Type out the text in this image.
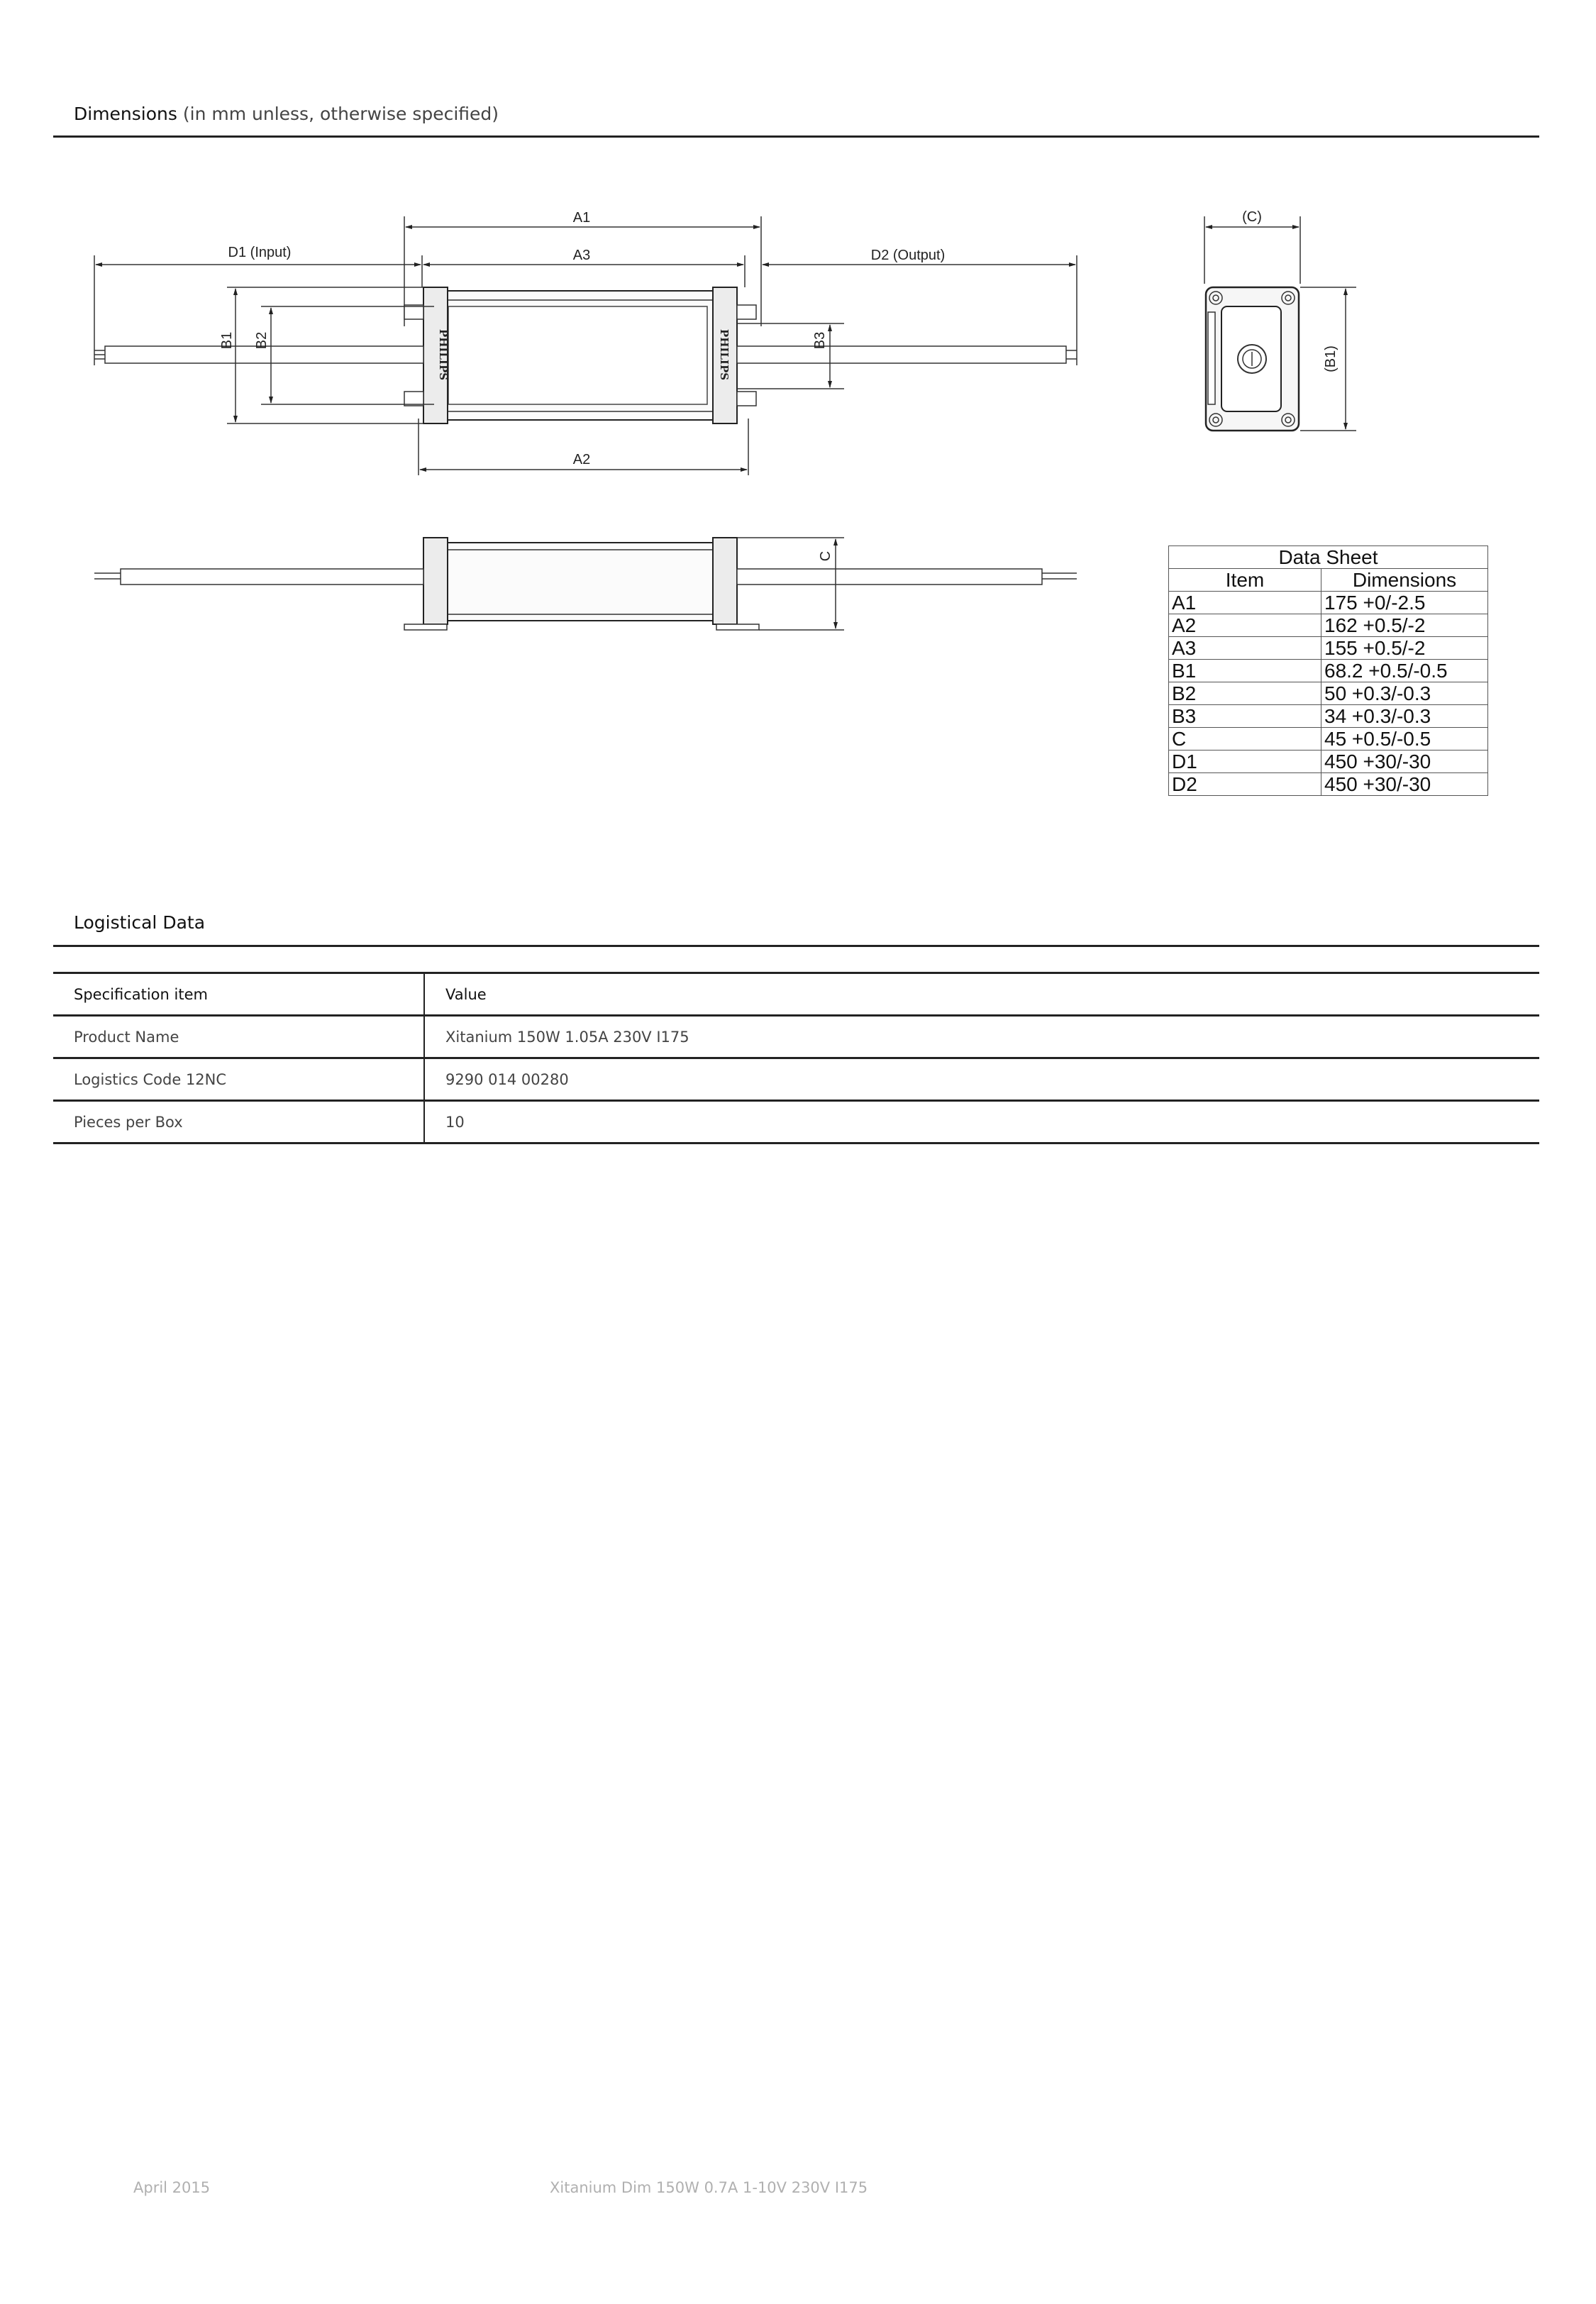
Dimensions (in mm unless, otherwise specified)
A1
A3
A2
D1 (Input)	D2 (Output)
(C)
B1 B2	B3
C
(B1)
PHILIPS	PHILIPS
Data Sheet	
Item	Dimensions
A1	175 +0/-2.5
A2	162 +0.5/-2
A3	155 +0.5/-2
B1	68.2 +0.5/-0.5
B2	50 +0.3/-0.3
B3	34 +0.3/-0.3
C	45 +0.5/-0.5
D1	450 +30/-30
D2	450 +30/-30
Logistical Data
Specification item	Value
Product Name	Xitanium 150W 1.05A 230V I175
Logistics Code 12NC	9290 014 00280
Pieces per Box	10
April 2015	Xitanium Dim 150W 0.7A 1-10V 230V I175
